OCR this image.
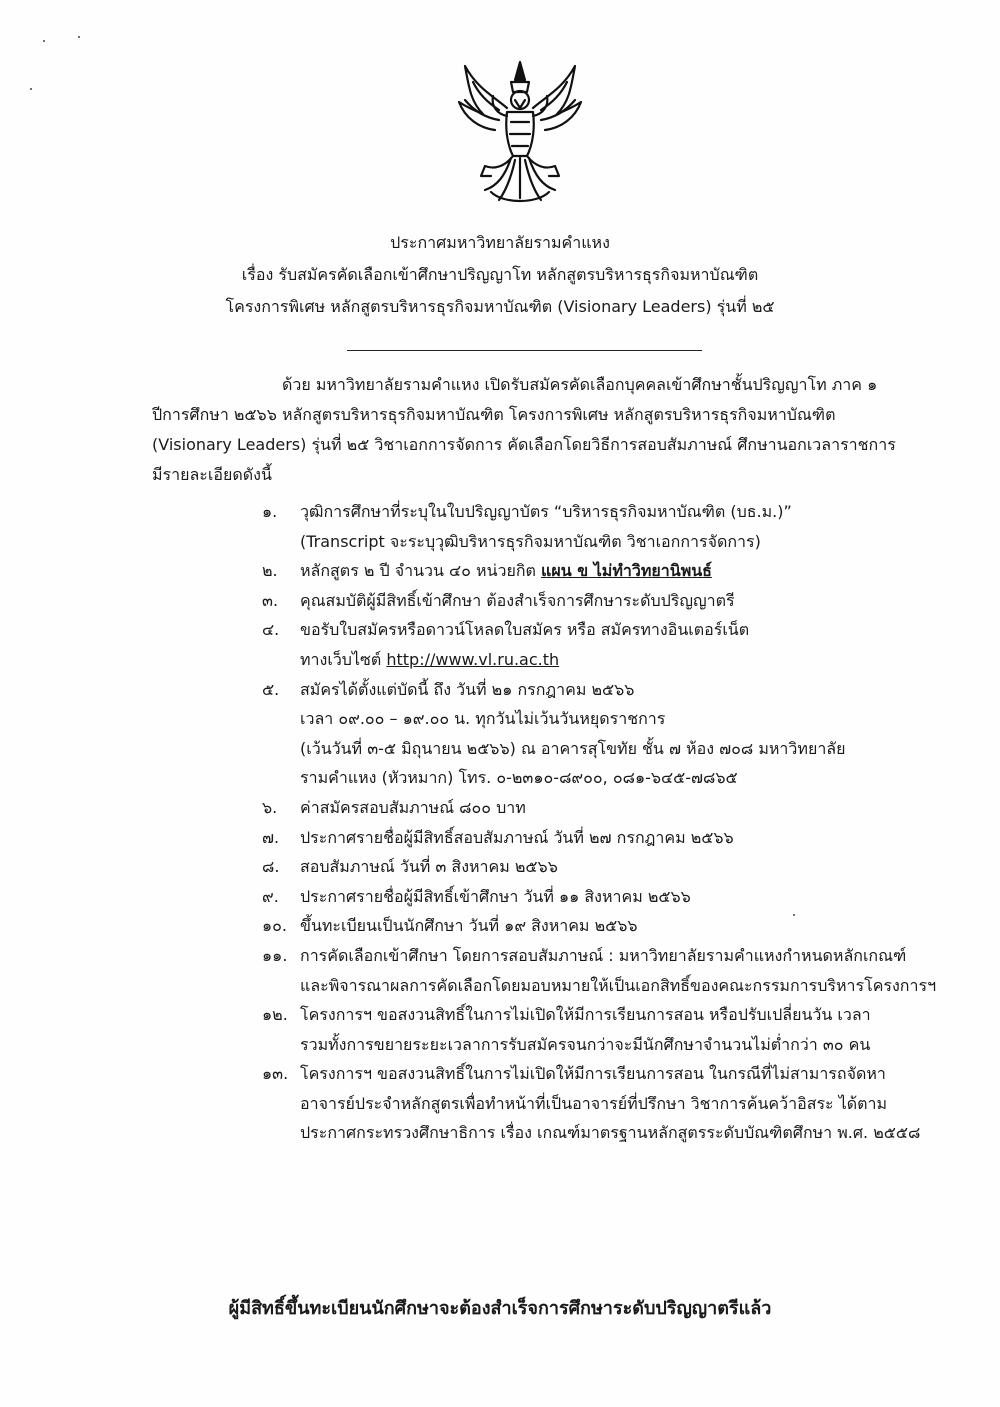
ประกาศมหาวิทยาลัยรามคำแหง
เรื่อง รับสมัครคัดเลือกเข้าศึกษาปริญญาโท หลักสูตรบริหารธุรกิจมหาบัณฑิต
โครงการพิเศษ หลักสูตรบริหารธุรกิจมหาบัณฑิต (Visionary Leaders) รุ่นที่ ๒๕
ด้วย มหาวิทยาลัยรามคำแหง เปิดรับสมัครคัดเลือกบุคคลเข้าศึกษาชั้นปริญญาโท ภาค ๑
ปีการศึกษา ๒๕๖๖ หลักสูตรบริหารธุรกิจมหาบัณฑิต โครงการพิเศษ หลักสูตรบริหารธุรกิจมหาบัณฑิต
(Visionary Leaders) รุ่นที่ ๒๕ วิชาเอกการจัดการ คัดเลือกโดยวิธีการสอบสัมภาษณ์ ศึกษานอกเวลาราชการ
มีรายละเอียดดังนี้
๑. วุฒิการศึกษาที่ระบุในใบปริญญาบัตร “บริหารธุรกิจมหาบัณฑิต (บธ.ม.)”
(Transcript จะระบุวุฒิบริหารธุรกิจมหาบัณฑิต วิชาเอกการจัดการ)
๒. หลักสูตร ๒ ปี จำนวน ๔๐ หน่วยกิต แผน ข ไม่ทำวิทยานิพนธ์
๓. คุณสมบัติผู้มีสิทธิ์เข้าศึกษา ต้องสำเร็จการศึกษาระดับปริญญาตรี
๔. ขอรับใบสมัครหรือดาวน์โหลดใบสมัคร หรือ สมัครทางอินเตอร์เน็ต
ทางเว็บไซต์ http://www.vl.ru.ac.th
๕. สมัครได้ตั้งแต่บัดนี้ ถึง วันที่ ๒๑ กรกฎาคม ๒๕๖๖
เวลา ๐๙.๐๐ – ๑๙.๐๐ น. ทุกวันไม่เว้นวันหยุดราชการ
(เว้นวันที่ ๓-๕ มิถุนายน ๒๕๖๖) ณ อาคารสุโขทัย ชั้น ๗ ห้อง ๗๐๘ มหาวิทยาลัย
รามคำแหง (หัวหมาก) โทร. ๐-๒๓๑๐-๘๙๐๐, ๐๘๑-๖๔๕-๗๘๖๕
๖. ค่าสมัครสอบสัมภาษณ์ ๘๐๐ บาท
๗. ประกาศรายชื่อผู้มีสิทธิ์สอบสัมภาษณ์ วันที่ ๒๗ กรกฎาคม ๒๕๖๖
๘. สอบสัมภาษณ์ วันที่ ๓ สิงหาคม ๒๕๖๖
๙. ประกาศรายชื่อผู้มีสิทธิ์เข้าศึกษา วันที่ ๑๑ สิงหาคม ๒๕๖๖
๑๐. ขึ้นทะเบียนเป็นนักศึกษา วันที่ ๑๙ สิงหาคม ๒๕๖๖
๑๑. การคัดเลือกเข้าศึกษา โดยการสอบสัมภาษณ์ : มหาวิทยาลัยรามคำแหงกำหนดหลักเกณฑ์
และพิจารณาผลการคัดเลือกโดยมอบหมายให้เป็นเอกสิทธิ์ของคณะกรรมการบริหารโครงการฯ
๑๒. โครงการฯ ขอสงวนสิทธิ์ในการไม่เปิดให้มีการเรียนการสอน หรือปรับเปลี่ยนวัน เวลา
รวมทั้งการขยายระยะเวลาการรับสมัครจนกว่าจะมีนักศึกษาจำนวนไม่ต่ำกว่า ๓๐ คน
๑๓. โครงการฯ ขอสงวนสิทธิ์ในการไม่เปิดให้มีการเรียนการสอน ในกรณีที่ไม่สามารถจัดหา
อาจารย์ประจำหลักสูตรเพื่อทำหน้าที่เป็นอาจารย์ที่ปรึกษา วิชาการค้นคว้าอิสระ ได้ตาม
ประกาศกระทรวงศึกษาธิการ เรื่อง เกณฑ์มาตรฐานหลักสูตรระดับบัณฑิตศึกษา พ.ศ. ๒๕๕๘
ผู้มีสิทธิ์ขึ้นทะเบียนนักศึกษาจะต้องสำเร็จการศึกษาระดับปริญญาตรีแล้ว
